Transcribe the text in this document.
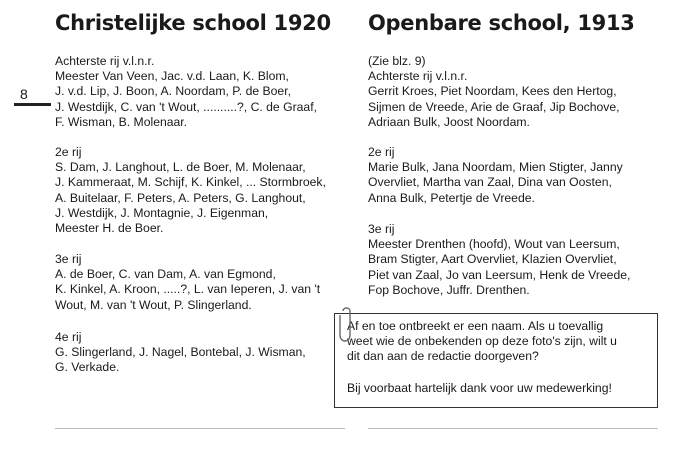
8
Christelijke school 1920

Achterste rij v.l.n.r.
Meester Van Veen, Jac. v.d. Laan, K. Blom,
J. v.d. Lip, J. Boon, A. Noordam, P. de Boer,
J. Westdijk, C. van 't Wout, ..........?, C. de Graaf,
F. Wisman, B. Molenaar.

2e rij
S. Dam, J. Langhout, L. de Boer, M. Molenaar,
J. Kammeraat, M. Schijf, K. Kinkel, ... Stormbroek,
A. Buitelaar, F. Peters, A. Peters, G. Langhout,
J. Westdijk, J. Montagnie, J. Eigenman,
Meester H. de Boer.

3e rij
A. de Boer, C. van Dam, A. van Egmond,
K. Kinkel, A. Kroon, .....?, L. van Ieperen, J. van 't
Wout, M. van 't Wout, P. Slingerland.

4e rij
G. Slingerland, J. Nagel, Bontebal, J. Wisman,
G. Verkade.

Openbare school, 1913

(Zie blz. 9)
Achterste rij v.l.n.r.
Gerrit Kroes, Piet Noordam, Kees den Hertog,
Sijmen de Vreede, Arie de Graaf, Jip Bochove,
Adriaan Bulk, Joost Noordam.

2e rij
Marie Bulk, Jana Noordam, Mien Stigter, Janny
Overvliet, Martha van Zaal, Dina van Oosten,
Anna Bulk, Petertje de Vreede.

3e rij
Meester Drenthen (hoofd), Wout van Leersum,
Bram Stigter, Aart Overvliet, Klazien Overvliet,
Piet van Zaal, Jo van Leersum, Henk de Vreede,
Fop Bochove, Juffr. Drenthen.

Af en toe ontbreekt er een naam. Als u toevallig
weet wie de onbekenden op deze foto's zijn, wilt u
dit dan aan de redactie doorgeven?

Bij voorbaat hartelijk dank voor uw medewerking!
